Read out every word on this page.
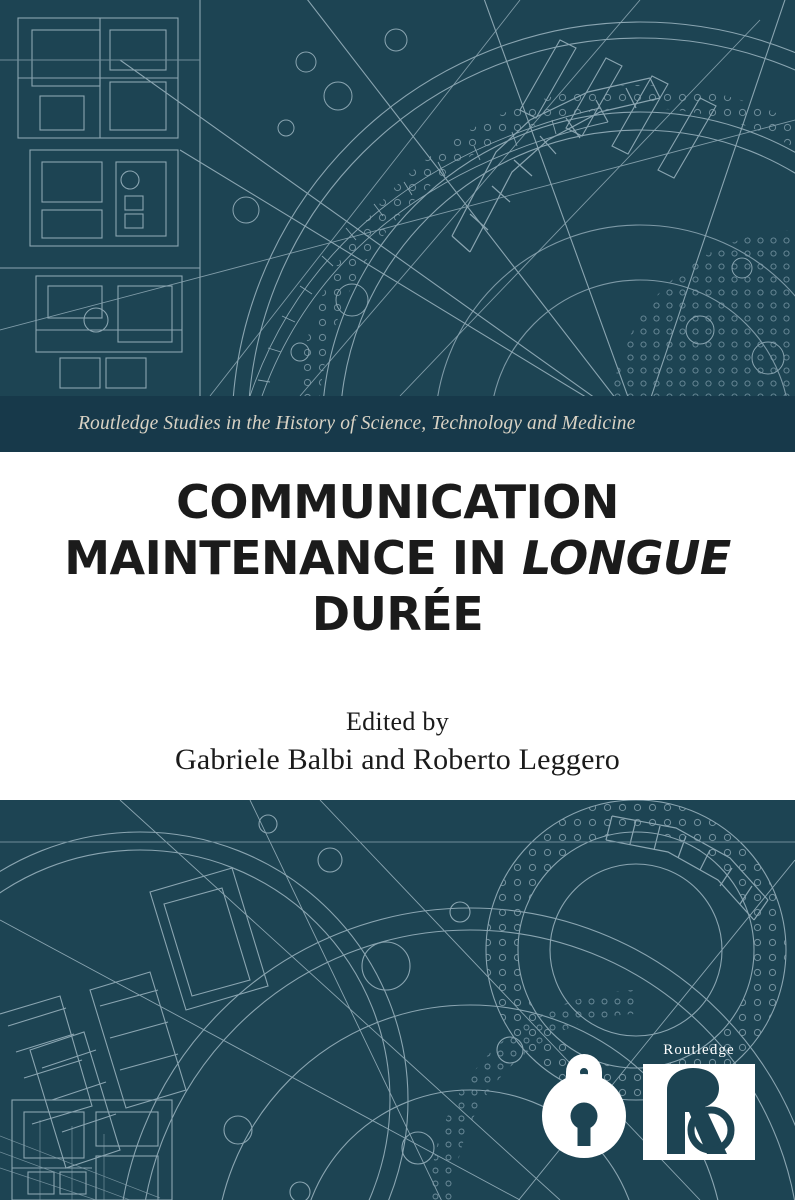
Routledge Studies in the History of Science, Technology and Medicine
COMMUNICATION
MAINTENANCE IN LONGUE
DURÉE
Edited by
Gabriele Balbi and Roberto Leggero
Routledge
